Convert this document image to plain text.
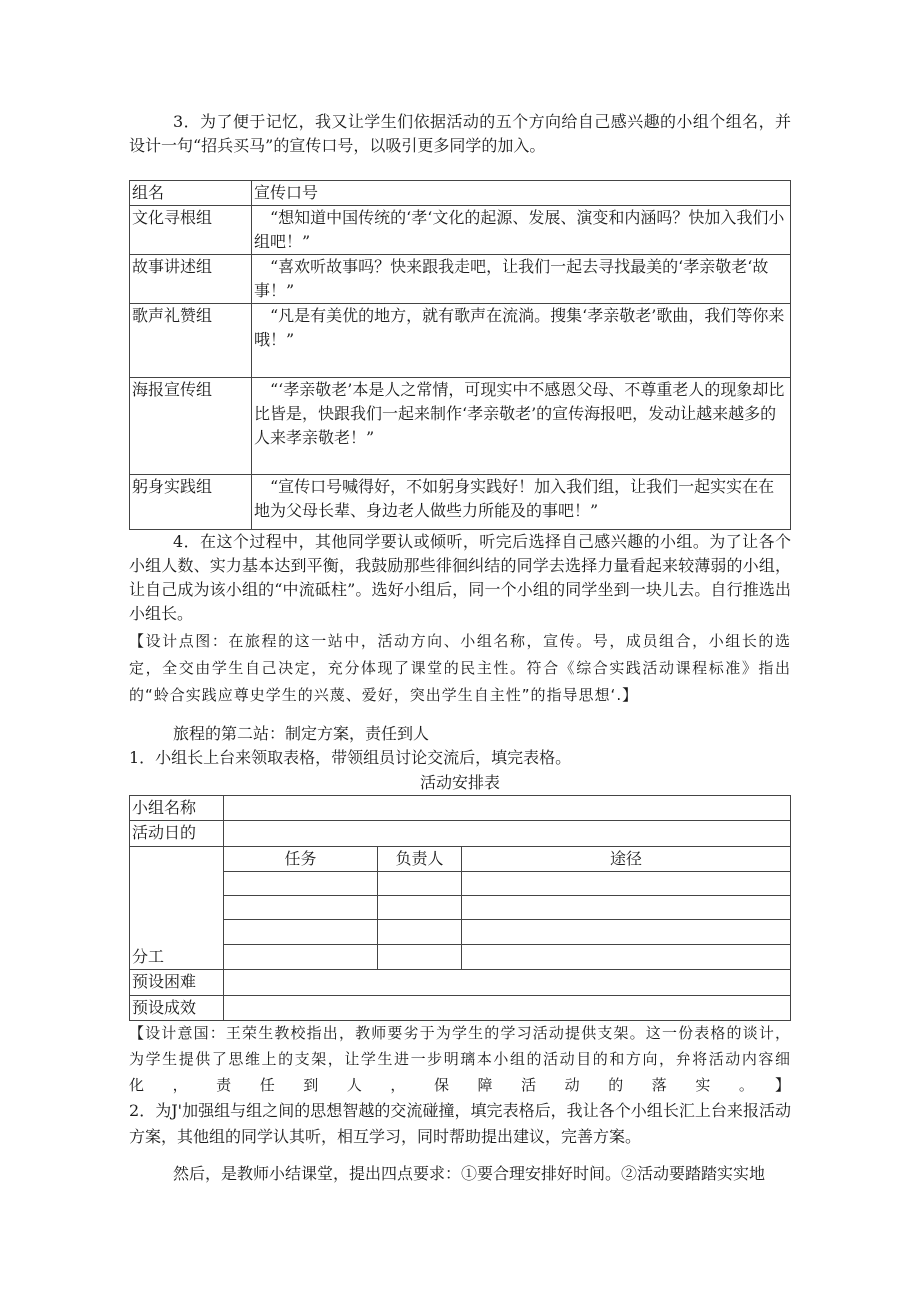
3．为了便于记忆，我又让学生们依据活动的五个方向给自己感兴趣的小组个组名，并设计一句“招兵买马”的宣传口号，以吸引更多同学的加入。

组名	宣传口号
文化寻根组	“想知道中国传统的‘孝‘文化的起源、发展、演变和内涵吗？快加入我们小组吧！”
故事讲述组	“喜欢听故事吗？快来跟我走吧，让我们一起去寻找最美的‘孝亲敬老‘故事！”
歌声礼赞组	“凡是有美优的地方，就有歌声在流淌。搜集‘孝亲敬老’歌曲，我们等你来哦！”
海报宣传组	“‘孝亲敬老’本是人之常情，可现实中不感恩父母、不尊重老人的现象却比比皆是，快跟我们一起来制作‘孝亲敬老’的宣传海报吧，发动让越来越多的人来孝亲敬老！”
躬身实践组	“宣传口号喊得好，不如躬身实践好！加入我们组，让我们一起实实在在地为父母长辈、身边老人做些力所能及的事吧！”

4．在这个过程中，其他同学要认或倾听，听完后选择自己感兴趣的小组。为了让各个小组人数、实力基本达到平衡，我鼓励那些徘徊纠结的同学去选择力量看起来较薄弱的小组，让自己成为该小组的“中流砥柱”。选好小组后，同一个小组的同学坐到一块儿去。自行推选出小组长。

【设计点图：在旅程的这一站中，活动方向、小组名称，宣传。号，成员组合，小组长的选定，全交由学生自己决定，充分体现了课堂的民主性。符合《综合实践活动课程标准》指出的“蛉合实践应尊史学生的兴蔑、爱好，突出学生自主性”的指导思想‘.】

旅程的第二站：制定方案，责任到人

1．小组长上台来领取表格，带领组员讨论交流后，填完表格。

活动安排表

小组名称			
活动日的			
分工	任务	负责人	途径

预设困难			
预设成效			

【设计意国：王荣生教校指出，教师要劣于为学生的学习活动提供支架。这一份表格的谈计，为学生提供了思维上的支架，让学生进一步明璃本小组的活动目的和方向，弁将活动内容细化，责任到人，保障活动的落实。】

2．为J'加强组与组之间的思想智越的交流碰撞，填完表格后，我让各个小组长汇上台来报活动方案，其他组的同学认其听，相互学习，同时帮助提出建议，完善方案。

然后，是教师小结课堂，提出四点要求：①要合理安排好时间。②活动要踏踏实实地
